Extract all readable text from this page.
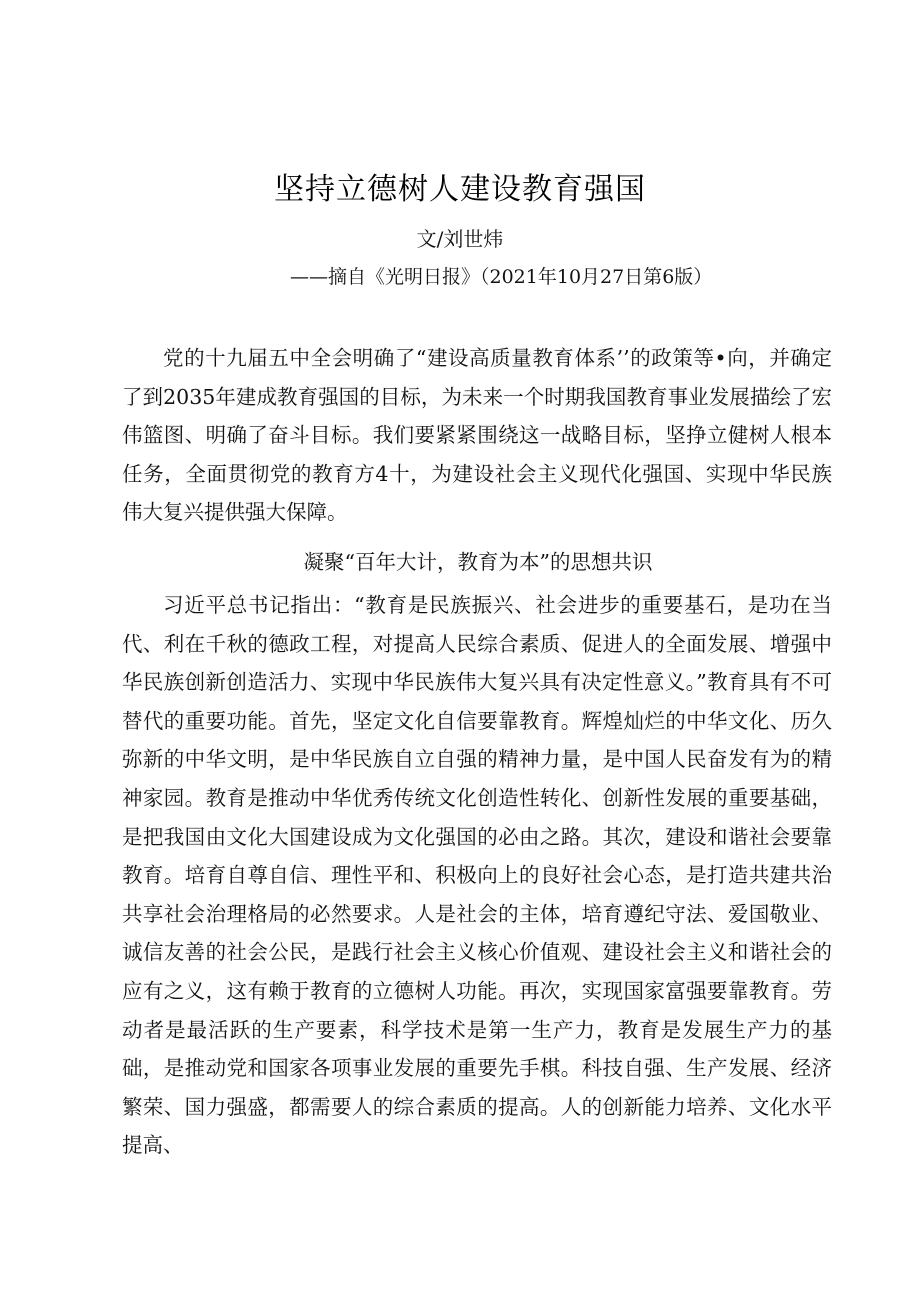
坚持立德树人建设教育强国
文/刘世炜
——摘自《光明日报》（2021年10月27日第6版）

党的十九届五中全会明确了“建设高质量教育体系’’的政策等•向，并确定了到2035年建成教育强国的目标，为未来一个时期我国教育事业发展描绘了宏伟篮图、明确了奋斗目标。我们要紧紧围绕这一战略目标，坚挣立健树人根本任务，全面贯彻党的教育方4十，为建设社会主义现代化强国、实现中华民族伟大复兴提供强大保障。

凝聚“百年大计，教育为本”的思想共识

习近平总书记指出：“教育是民族振兴、社会进步的重要基石，是功在当代、利在千秋的德政工程，对提高人民综合素质、促进人的全面发展、增强中华民族创新创造活力、实现中华民族伟大复兴具有决定性意义。”教育具有不可替代的重要功能。首先，坚定文化自信要靠教育。辉煌灿烂的中华文化、历久弥新的中华文明，是中华民族自立自强的精神力量，是中国人民奋发有为的精神家园。教育是推动中华优秀传统文化创造性转化、创新性发展的重要基础，是把我国由文化大国建设成为文化强国的必由之路。其次，建设和谐社会要靠教育。培育自尊自信、理性平和、积极向上的良好社会心态，是打造共建共治共享社会治理格局的必然要求。人是社会的主体，培育遵纪守法、爱国敬业、诚信友善的社会公民，是践行社会主义核心价值观、建设社会主义和谐社会的应有之义，这有赖于教育的立德树人功能。再次，实现国家富强要靠教育。劳动者是最活跃的生产要素，科学技术是第一生产力，教育是发展生产力的基础，是推动党和国家各项事业发展的重要先手棋。科技自强、生产发展、经济繁荣、国力强盛，都需要人的综合素质的提高。人的创新能力培养、文化水平提高、
